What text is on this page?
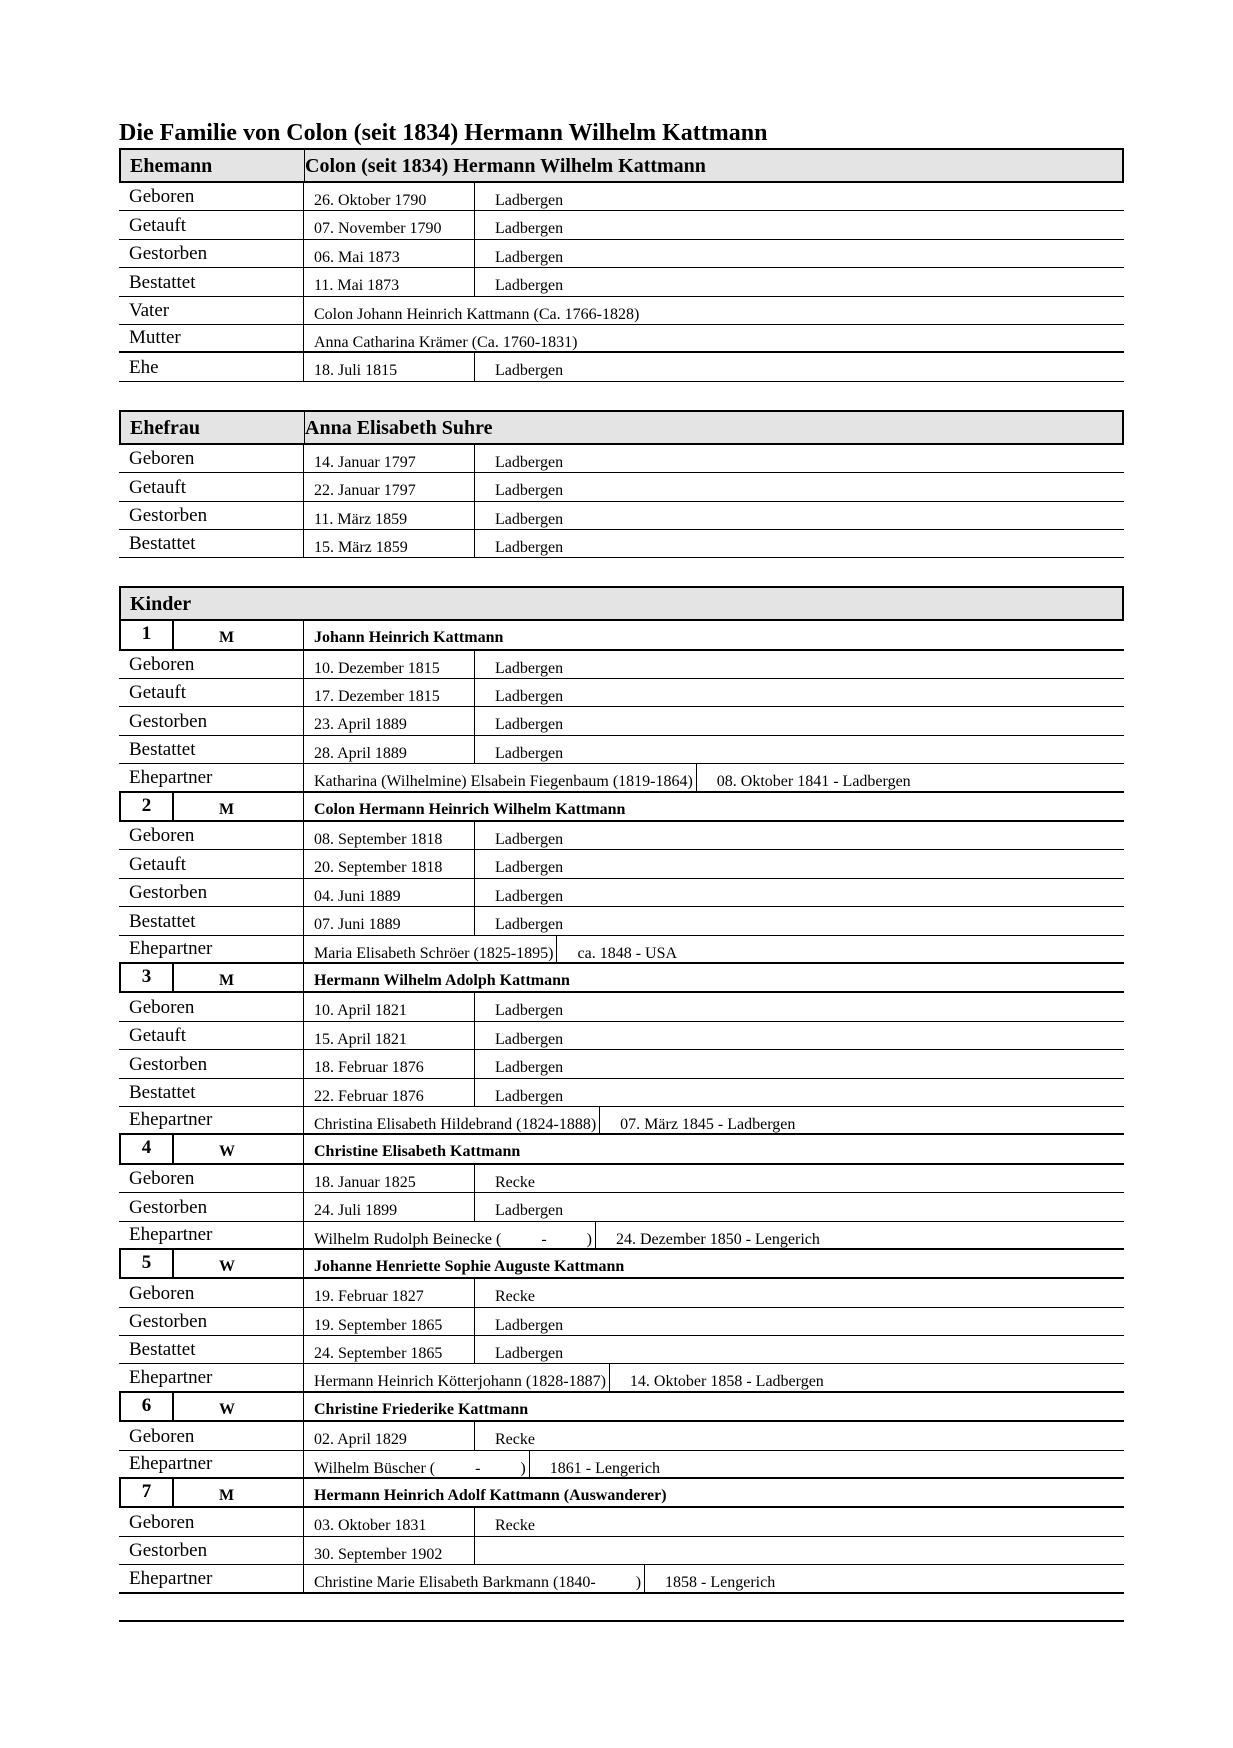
Die Familie von Colon (seit 1834) Hermann Wilhelm Kattmann
Ehemann	Colon (seit 1834) Hermann Wilhelm Kattmann
Geboren	26. Oktober 1790	Ladbergen
Getauft	07. November 1790	Ladbergen
Gestorben	06. Mai 1873	Ladbergen
Bestattet	11. Mai 1873	Ladbergen
Vater	Colon Johann Heinrich Kattmann (Ca. 1766-1828)
Mutter	Anna Catharina Krämer (Ca. 1760-1831)
Ehe	18. Juli 1815	Ladbergen
Ehefrau	Anna Elisabeth Suhre
Geboren	14. Januar 1797	Ladbergen
Getauft	22. Januar 1797	Ladbergen
Gestorben	11. März 1859	Ladbergen
Bestattet	15. März 1859	Ladbergen
Kinder
1	M	Johann Heinrich Kattmann
Geboren	10. Dezember 1815	Ladbergen
Getauft	17. Dezember 1815	Ladbergen
Gestorben	23. April 1889	Ladbergen
Bestattet	28. April 1889	Ladbergen
Ehepartner	Katharina (Wilhelmine) Elsabein Fiegenbaum (1819-1864)	08. Oktober 1841 - Ladbergen
2	M	Colon Hermann Heinrich Wilhelm Kattmann
Geboren	08. September 1818	Ladbergen
Getauft	20. September 1818	Ladbergen
Gestorben	04. Juni 1889	Ladbergen
Bestattet	07. Juni 1889	Ladbergen
Ehepartner	Maria Elisabeth Schröer (1825-1895)	ca. 1848 - USA
3	M	Hermann Wilhelm Adolph Kattmann
Geboren	10. April 1821	Ladbergen
Getauft	15. April 1821	Ladbergen
Gestorben	18. Februar 1876	Ladbergen
Bestattet	22. Februar 1876	Ladbergen
Ehepartner	Christina Elisabeth Hildebrand (1824-1888)	07. März 1845 - Ladbergen
4	W	Christine Elisabeth Kattmann
Geboren	18. Januar 1825	Recke
Gestorben	24. Juli 1899	Ladbergen
Ehepartner	Wilhelm Rudolph Beinecke (          -          )	24. Dezember 1850 - Lengerich
5	W	Johanne Henriette Sophie Auguste Kattmann
Geboren	19. Februar 1827	Recke
Gestorben	19. September 1865	Ladbergen
Bestattet	24. September 1865	Ladbergen
Ehepartner	Hermann Heinrich Kötterjohann (1828-1887)	14. Oktober 1858 - Ladbergen
6	W	Christine Friederike Kattmann
Geboren	02. April 1829	Recke
Ehepartner	Wilhelm Büscher (          -          )	1861 - Lengerich
7	M	Hermann Heinrich Adolf Kattmann (Auswanderer)
Geboren	03. Oktober 1831	Recke
Gestorben	30. September 1902
Ehepartner	Christine Marie Elisabeth Barkmann (1840-          )	1858 - Lengerich
